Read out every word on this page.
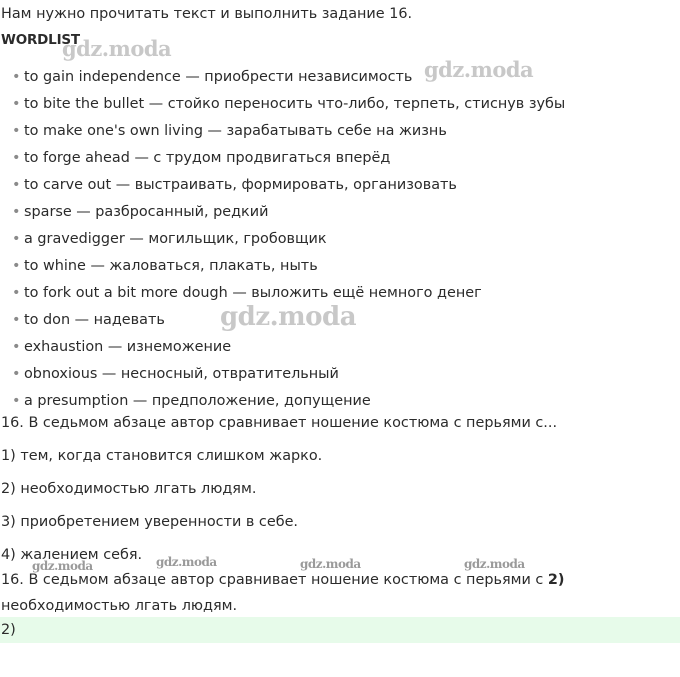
Нам нужно прочитать текст и выполнить задание 16.
WORDLIST
• to gain independence — приобрести независимость
• to bite the bullet — стойко переносить что-либо, терпеть, стиснув зубы
• to make one's own living — зарабатывать себе на жизнь
• to forge ahead — с трудом продвигаться вперёд
• to carve out — выстраивать, формировать, организовать
• sparse — разбросанный, редкий
• a gravedigger — могильщик, гробовщик
• to whine — жаловаться, плакать, ныть
• to fork out a bit more dough — выложить ещё немного денег
• to don — надевать
• exhaustion — изнеможение
• obnoxious — несносный, отвратительный
• a presumption — предположение, допущение
16. В седьмом абзаце автор сравнивает ношение костюма с перьями с...
1) тем, когда становится слишком жарко.
2) необходимостью лгать людям.
3) приобретением уверенности в себе.
4) жалением себя.
16. В седьмом абзаце автор сравнивает ношение костюма с перьями с 2)
необходимостью лгать людям.
2)
gdz.moda
gdz.moda
gdz.moda
gdz.moda	gdz.moda	gdz.moda	gdz.moda
